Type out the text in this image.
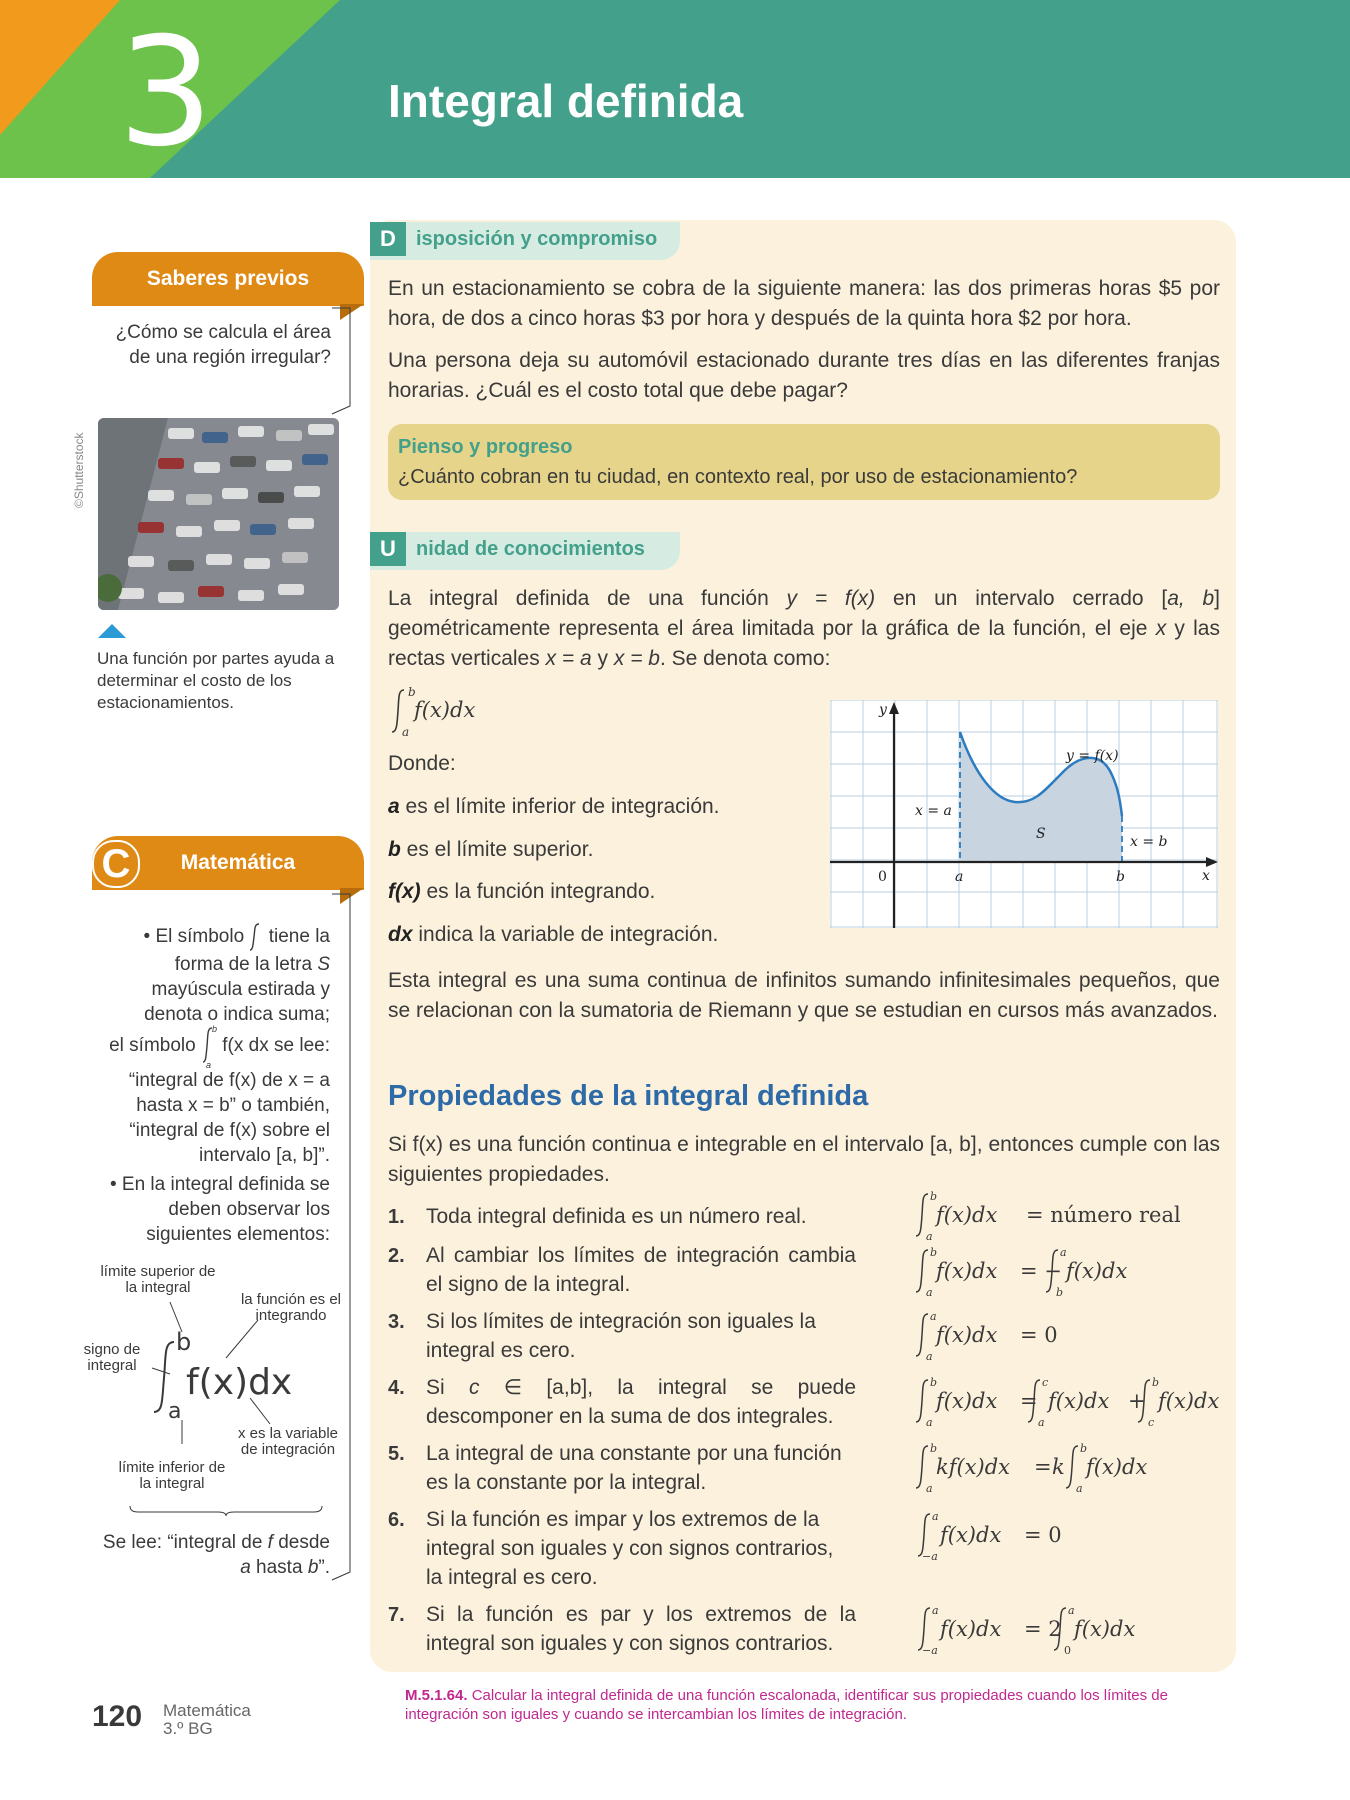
3	Integral definida
D	isposición y compromiso
En un estacionamiento se cobra de la siguiente manera: las dos primeras horas $5 por hora, de dos a cinco horas $3 por hora y después de la quinta hora $2 por hora.
Una persona deja su automóvil estacionado durante tres días en las diferentes franjas horarias. ¿Cuál es el costo total que debe pagar?
Pienso y progreso
¿Cuánto cobran en tu ciudad, en contexto real, por uso de estacionamiento?
U	nidad de conocimientos
La integral definida de una función y = f(x) en un intervalo cerrado [a, b] geométricamente representa el área limitada por la gráfica de la función, el eje x y las rectas verticales x = a y x = b. Se denota como:
b
a
f(x)dx
Donde:
a es el límite inferior de integración.
b es el límite superior.
f(x) es la función integrando.
dx indica la variable de integración.
y
x
0	a	b
x = a
x = b
y = f(x)
S
Esta integral es una suma continua de infinitos sumando infinitesimales pequeños, que se relacionan con la sumatoria de Riemann y que se estudian en cursos más avanzados.
Propiedades de la integral definida
Si f(x) es una función continua e integrable en el intervalo [a, b], entonces cumple con las siguientes propiedades.
1. Toda integral definida es un número real.
2. Al cambiar los límites de integración cambia el signo de la integral.
3. Si los límites de integración son iguales la integral es cero.
4. Si c ∈ [a,b], la integral se puede descomponer en la suma de dos integrales.
5. La integral de una constante por una función es la constante por la integral.
6. Si la función es impar y los extremos de la integral son iguales y con signos contrarios, la integral es cero.
7. Si la función es par y los extremos de la integral son iguales y con signos contrarios.
b
a
f(x)dx = número real
b
a
f(x)dx = −
a
b
f(x)dx
a
a
f(x)dx = 0
b
a
f(x)dx =
c
a
f(x)dx +
b
c
f(x)dx
b
a
kf(x)dx = k
b
a
f(x)dx
a
−a
f(x)dx = 0
a
−a
f(x)dx = 2
a
0
f(x)dx
Saberes previos
¿Cómo se calcula el área de una región irregular?
©Shutterstock
Una función por partes ayuda a determinar el costo de los estacionamientos.
C	Matemática
• El símbolo tiene la forma de la letra S mayúscula estirada y denota o indica suma;
el símbolo
b
a
f(x dx se lee:
“integral de f(x) de x = a hasta x = b” o también, “integral de f(x) sobre el intervalo [a, b]”.
• En la integral definida se deben observar los siguientes elementos:
límite superior de la integral
la función es el integrando
signo de integral
x es la variable de integración
límite inferior de la integral
b
a
f(x)dx
Se lee: “integral de f desde a hasta b”.
120 Matemática
3.º BG
M.5.1.64. Calcular la integral definida de una función escalonada, identificar sus propiedades cuando los límites de integración son iguales y cuando se intercambian los límites de integración.
